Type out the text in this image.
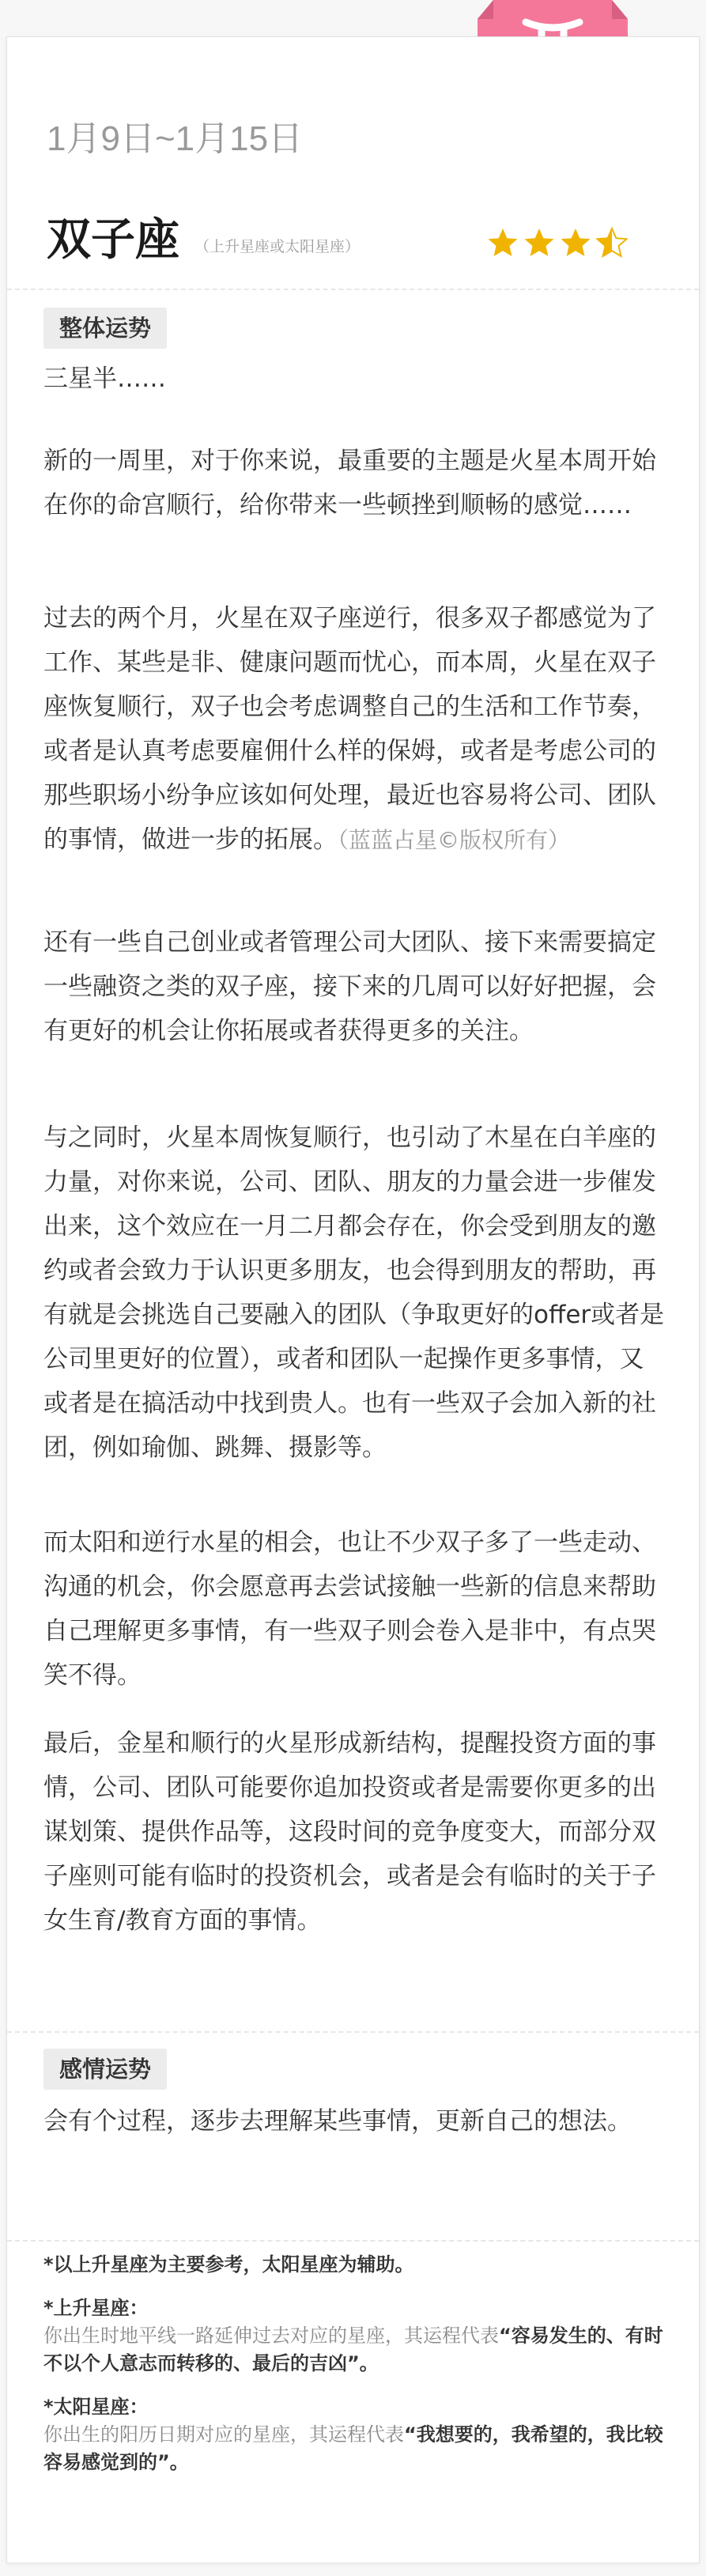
1月9日~1月15日
双子座 （上升星座或太阳星座）
整体运势

三星半……

新的一周里，对于你来说，最重要的主题是火星本周开始在你的命宫顺行，给你带来一些顿挫到顺畅的感觉……

过去的两个月，火星在双子座逆行，很多双子都感觉为了工作、某些是非、健康问题而忧心，而本周，火星在双子座恢复顺行，双子也会考虑调整自己的生活和工作节奏，或者是认真考虑要雇佣什么样的保姆，或者是考虑公司的那些职场小纷争应该如何处理，最近也容易将公司、团队的事情，做进一步的拓展。（蓝蓝占星©版权所有）

还有一些自己创业或者管理公司大团队、接下来需要搞定一些融资之类的双子座，接下来的几周可以好好把握，会有更好的机会让你拓展或者获得更多的关注。

与之同时，火星本周恢复顺行，也引动了木星在白羊座的力量，对你来说，公司、团队、朋友的力量会进一步催发出来，这个效应在一月二月都会存在，你会受到朋友的邀约或者会致力于认识更多朋友，也会得到朋友的帮助，再有就是会挑选自己要融入的团队（争取更好的offer或者是公司里更好的位置），或者和团队一起操作更多事情，又或者是在搞活动中找到贵人。也有一些双子会加入新的社团，例如瑜伽、跳舞、摄影等。

而太阳和逆行水星的相会，也让不少双子多了一些走动、沟通的机会，你会愿意再去尝试接触一些新的信息来帮助自己理解更多事情，有一些双子则会卷入是非中，有点哭笑不得。

最后，金星和顺行的火星形成新结构，提醒投资方面的事情，公司、团队可能要你追加投资或者是需要你更多的出谋划策、提供作品等，这段时间的竞争度变大，而部分双子座则可能有临时的投资机会，或者是会有临时的关于子女生育/教育方面的事情。

感情运势

会有个过程，逐步去理解某些事情，更新自己的想法。

*以上升星座为主要参考，太阳星座为辅助。
*上升星座：
你出生时地平线一路延伸过去对应的星座，其运程代表“容易发生的、有时不以个人意志而转移的、最后的吉凶”。
*太阳星座：
你出生的阳历日期对应的星座，其运程代表“我想要的，我希望的，我比较容易感觉到的”。
